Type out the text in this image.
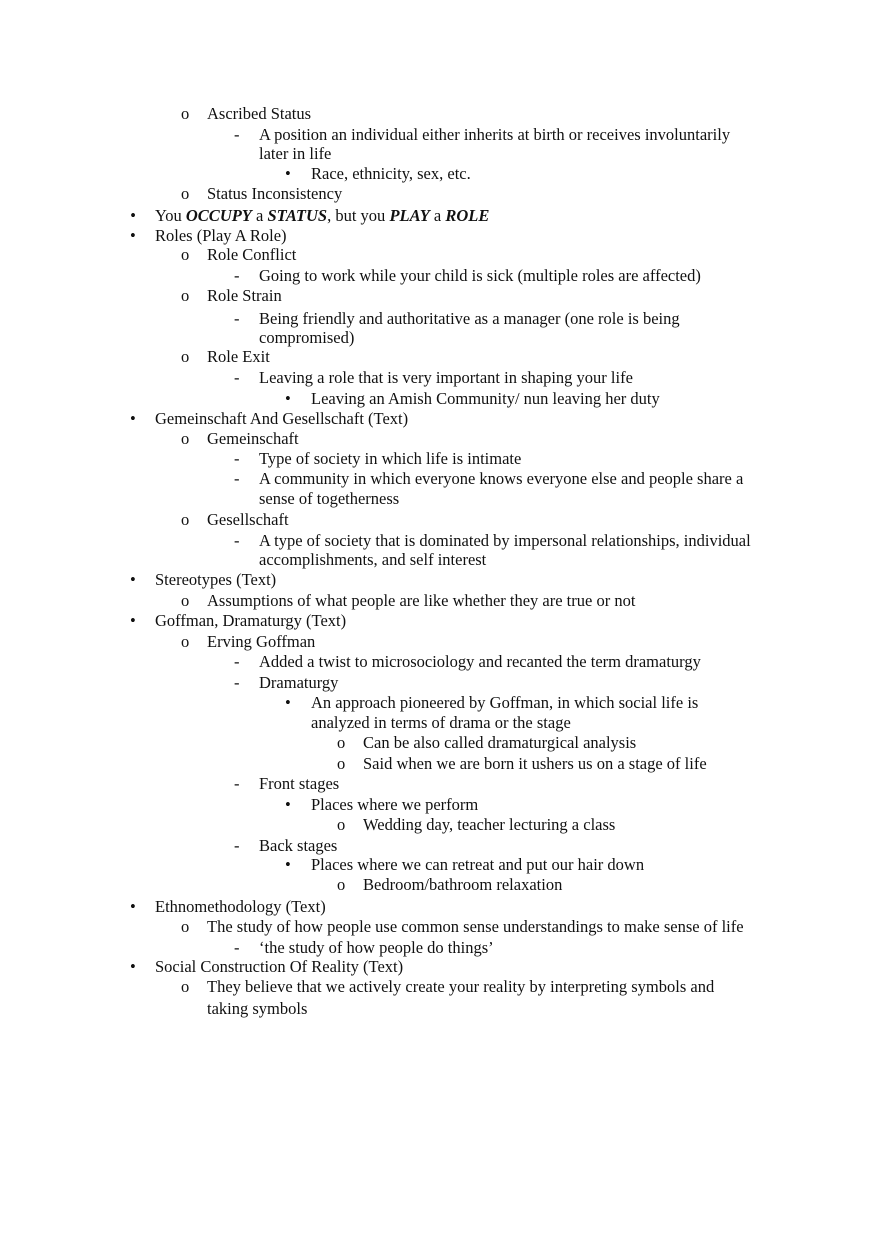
o Ascribed Status
- A position an individual either inherits at birth or receives involuntarily
later in life
• Race, ethnicity, sex, etc.
o Status Inconsistency
• You OCCUPY a STATUS, but you PLAY a ROLE
• Roles (Play A Role)
o Role Conflict
- Going to work while your child is sick (multiple roles are affected)
o Role Strain
- Being friendly and authoritative as a manager (one role is being
compromised)
o Role Exit
- Leaving a role that is very important in shaping your life
• Leaving an Amish Community/ nun leaving her duty
• Gemeinschaft And Gesellschaft (Text)
o Gemeinschaft
- Type of society in which life is intimate
- A community in which everyone knows everyone else and people share a
sense of togetherness
o Gesellschaft
- A type of society that is dominated by impersonal relationships, individual
accomplishments, and self interest
• Stereotypes (Text)
o Assumptions of what people are like whether they are true or not
• Goffman, Dramaturgy (Text)
o Erving Goffman
- Added a twist to microsociology and recanted the term dramaturgy
- Dramaturgy
• An approach pioneered by Goffman, in which social life is
analyzed in terms of drama or the stage
o Can be also called dramaturgical analysis
o Said when we are born it ushers us on a stage of life
- Front stages
• Places where we perform
o Wedding day, teacher lecturing a class
- Back stages
• Places where we can retreat and put our hair down
o Bedroom/bathroom relaxation
• Ethnomethodology (Text)
o The study of how people use common sense understandings to make sense of life
- ‘the study of how people do things’
• Social Construction Of Reality (Text)
o They believe that we actively create your reality by interpreting symbols and
taking symbols
